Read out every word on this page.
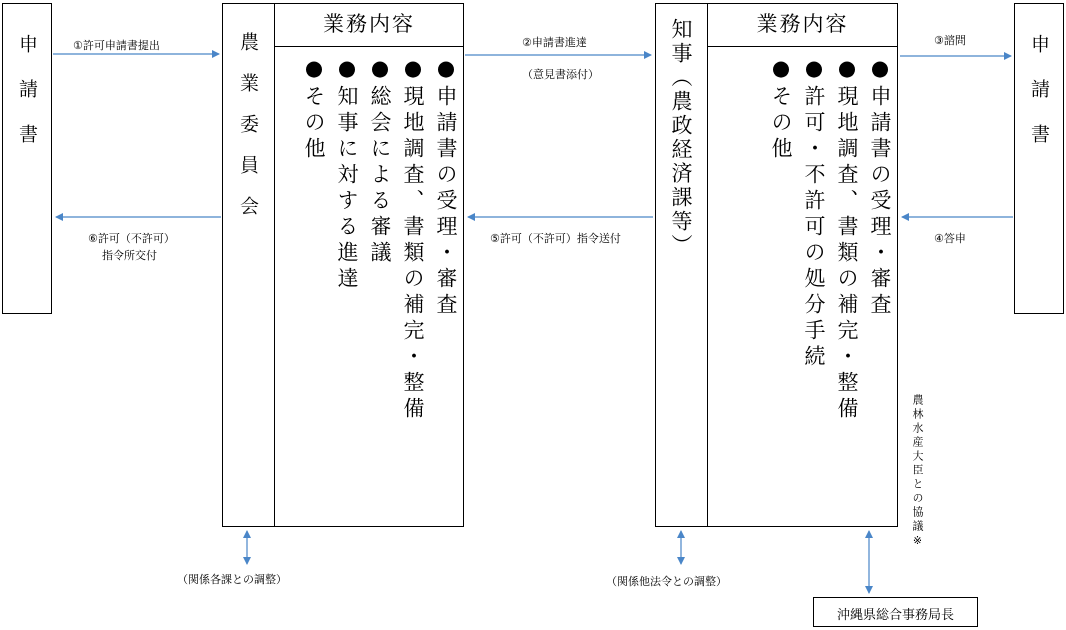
申請書	農業委員会
業務内容
●申請書の受理・審査
●現地調査、書類の補完・整備
●総会による審議
●知事に対する進達
●その他	知事（農政経済課等）	業務内容
●申請書の受理・審査
●現地調査、書類の補完・整備
●許可・不許可の処分手続
●その他	申請書
沖縄県総合事務局長
①許可申請書提出	②申請書進達
（意見書添付）
③諮問
④答申
⑤許可（不許可）指令送付
⑥許可（不許可）
指令所交付
（関係各課との調整）	（関係他法令との調整）
農林水産大臣との協議※
